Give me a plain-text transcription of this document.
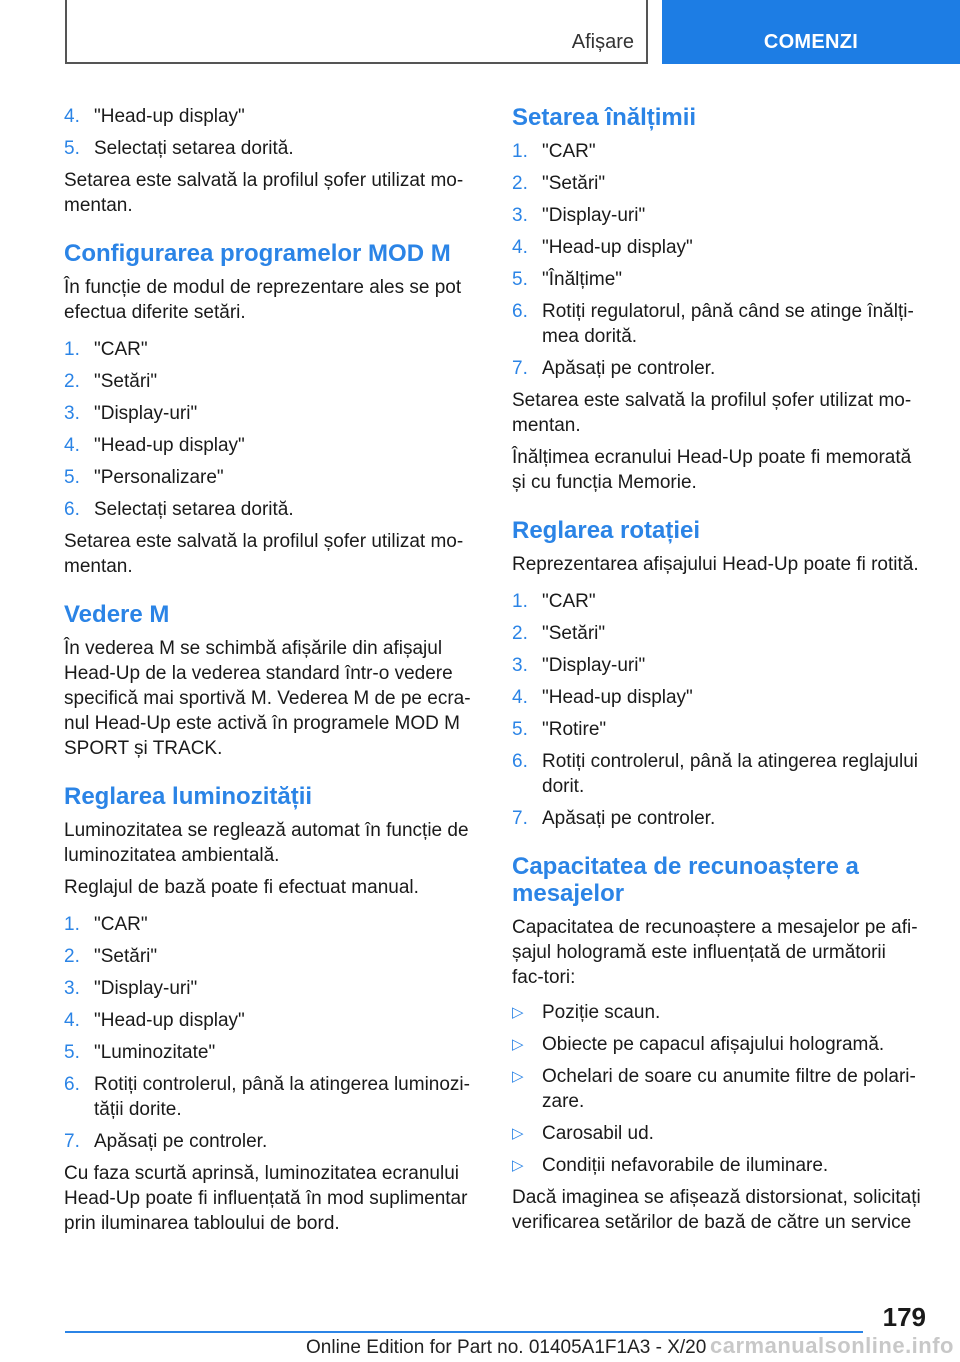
Afișare	COMENZI
4. "Head-up display"
5. Selectați setarea dorită.

Setarea este salvată la profilul șofer utilizat mo-mentan.

Configurarea programelor MOD M

În funcție de modul de reprezentare ales se pot efectua diferite setări.

1. "CAR"
2. "Setări"
3. "Display-uri"
4. "Head-up display"
5. "Personalizare"
6. Selectați setarea dorită.

Setarea este salvată la profilul șofer utilizat mo-mentan.

Vedere M

În vederea M se schimbă afișările din afișajul Head-Up de la vederea standard într-o vedere specifică mai sportivă M. Vederea M de pe ecra-nul Head-Up este activă în programele MOD M SPORT și TRACK.

Reglarea luminozității

Luminozitatea se reglează automat în funcție de luminozitatea ambientală.

Reglajul de bază poate fi efectuat manual.

1. "CAR"
2. "Setări"
3. "Display-uri"
4. "Head-up display"
5. "Luminozitate"
6. Rotiți controlerul, până la atingerea luminozi-tății dorite.
7. Apăsați pe controler.

Cu faza scurtă aprinsă, luminozitatea ecranului Head-Up poate fi influențată în mod suplimentar prin iluminarea tabloului de bord.

Setarea înălțimii
1. "CAR"
2. "Setări"
3. "Display-uri"
4. "Head-up display"
5. "Înălțime"
6. Rotiți regulatorul, până când se atinge înălți-mea dorită.
7. Apăsați pe controler.

Setarea este salvată la profilul șofer utilizat mo-mentan.

Înălțimea ecranului Head-Up poate fi memorată și cu funcția Memorie.

Reglarea rotației

Reprezentarea afișajului Head-Up poate fi rotită.

1. "CAR"
2. "Setări"
3. "Display-uri"
4. "Head-up display"
5. "Rotire"
6. Rotiți controlerul, până la atingerea reglajului dorit.
7. Apăsați pe controler.
Capacitatea de recunoaștere a mesajelor

Capacitatea de recunoaștere a mesajelor pe afi-șajul hologramă este influențată de următorii fac-tori:

▷ Poziție scaun.
▷ Obiecte pe capacul afișajului hologramă.
▷ Ochelari de soare cu anumite filtre de polari-zare.
▷ Carosabil ud.
▷ Condiții nefavorabile de iluminare.

Dacă imaginea se afișează distorsionat, solicitați verificarea setărilor de bază de către un service

179
Online Edition for Part no. 01405A1F1A3 - X/20 carmanualsonline.info
